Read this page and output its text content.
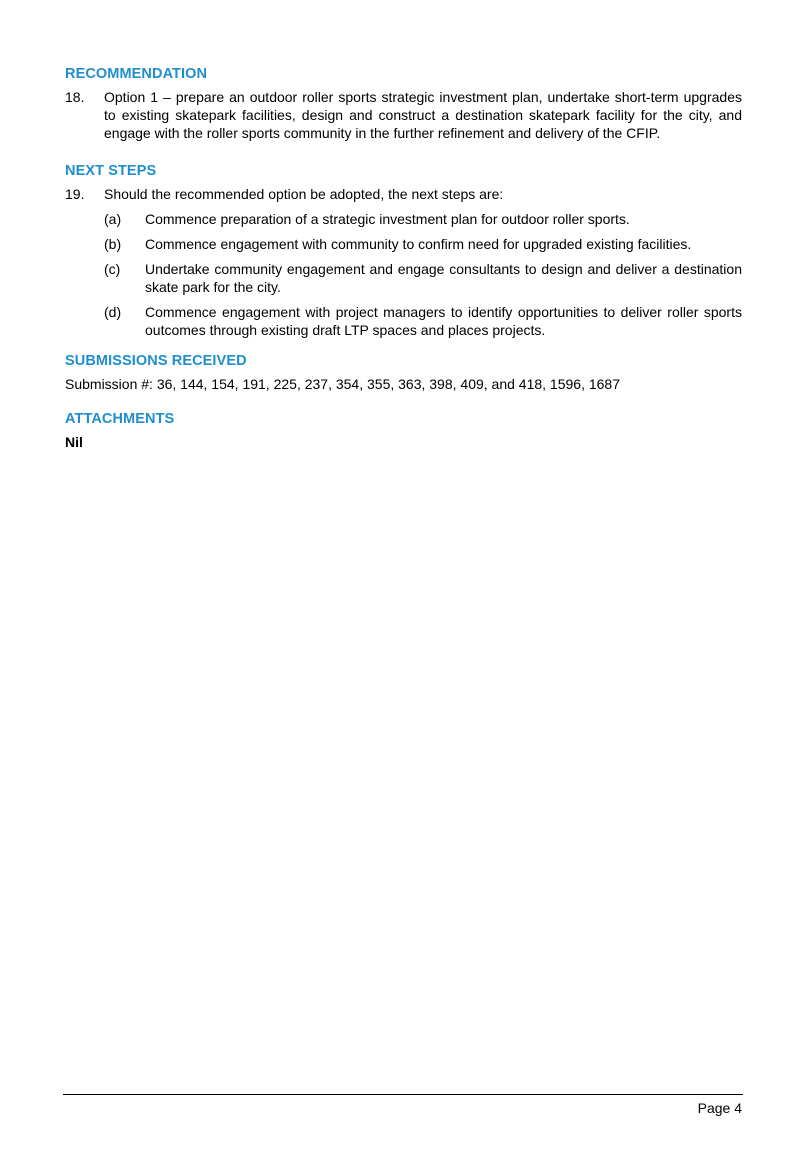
RECOMMENDATION
18.	Option 1 – prepare an outdoor roller sports strategic investment plan, undertake short-term upgrades to existing skatepark facilities, design and construct a destination skatepark facility for the city, and engage with the roller sports community in the further refinement and delivery of the CFIP.
NEXT STEPS
19.	Should the recommended option be adopted, the next steps are:
(a)	Commence preparation of a strategic investment plan for outdoor roller sports.
(b)	Commence engagement with community to confirm need for upgraded existing facilities.
(c)	Undertake community engagement and engage consultants to design and deliver a destination skate park for the city.
(d)	Commence engagement with project managers to identify opportunities to deliver roller sports outcomes through existing draft LTP spaces and places projects.
SUBMISSIONS RECEIVED

Submission #: 36, 144, 154, 191, 225, 237, 354, 355, 363, 398, 409, and 418, 1596, 1687

ATTACHMENTS

Nil

Page 4
